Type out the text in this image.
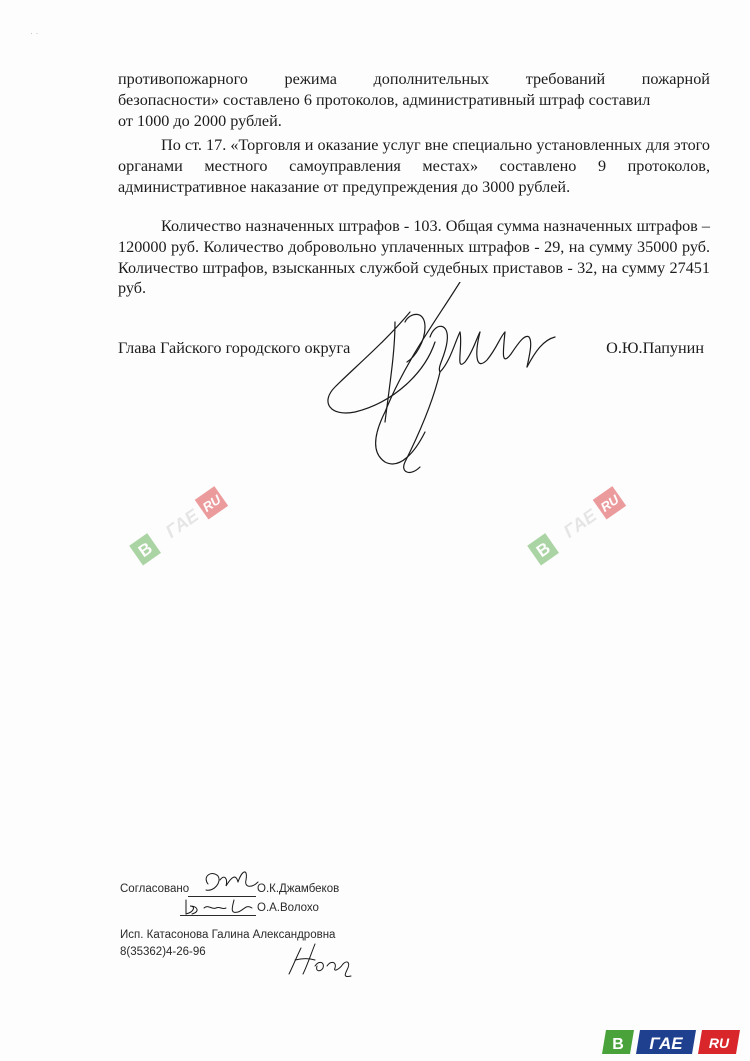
· ·
противопожарного режима дополнительных требований пожарной
безопасности» составлено 6 протоколов, административный штраф составил
от 1000 до 2000 рублей.

По ст. 17. «Торговля и оказание услуг вне специально установленных для этого органами местного самоуправления местах» составлено 9 протоколов, административное наказание от предупреждения до 3000 рублей.

Количество назначенных штрафов - 103. Общая сумма назначенных штрафов – 120000 руб. Количество добровольно уплаченных штрафов - 29, на сумму 35000 руб. Количество штрафов, взысканных службой судебных приставов - 32, на сумму 27451 руб.

Глава Гайского городского округа	О.Ю.Папунин
В
ГАЕ
RU
В
ГАЕ
RU
Согласовано	О.К.Джамбеков
О.А.Волохо
Исп. Катасонова Галина Александровна
8(35362)4-26-96
В ГАЕ RU
